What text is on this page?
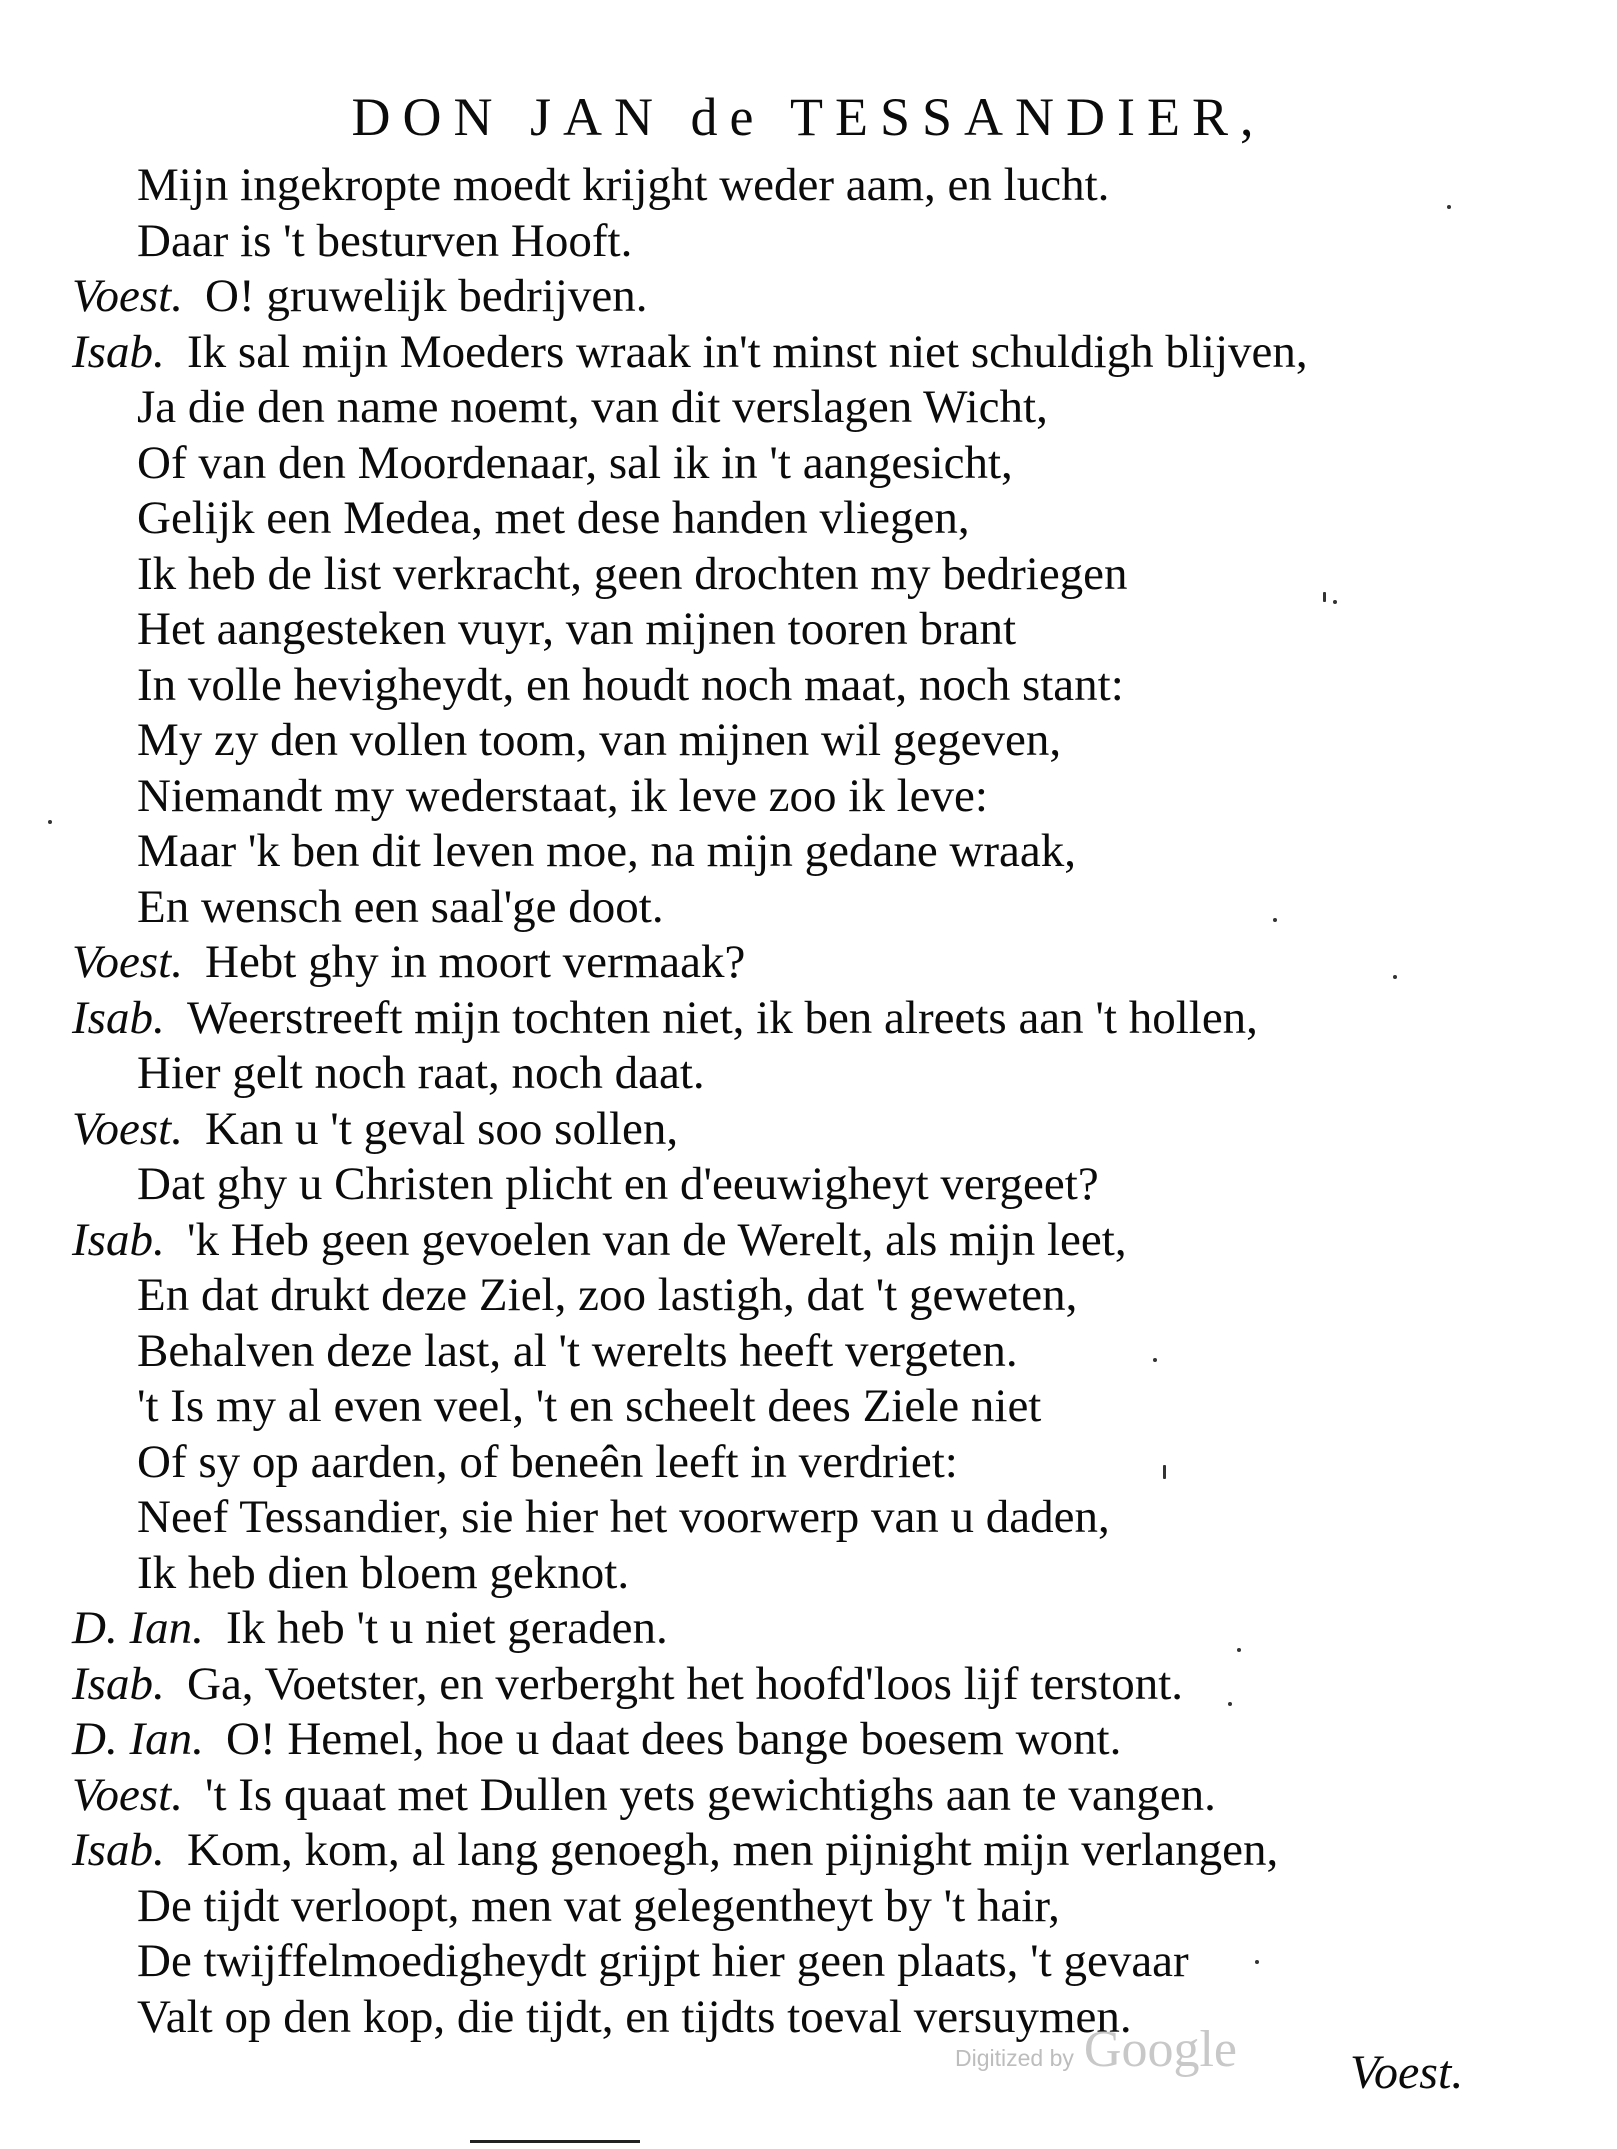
DON JAN de TESSANDIER,
Mijn ingekropte moedt krijght weder aam, en lucht.
Daar is 't besturven Hooft.
Voest. O! gruwelijk bedrijven.
Isab. Ik sal mijn Moeders wraak in't minst niet schuldigh blijven,
Ja die den name noemt, van dit verslagen Wicht,
Of van den Moordenaar, sal ik in 't aangesicht,
Gelijk een Medea, met dese handen vliegen,
Ik heb de list verkracht, geen drochten my bedriegen
Het aangesteken vuyr, van mijnen tooren brant
In volle hevigheydt, en houdt noch maat, noch stant:
My zy den vollen toom, van mijnen wil gegeven,
Niemandt my wederstaat, ik leve zoo ik leve:
Maar 'k ben dit leven moe, na mijn gedane wraak,
En wensch een saal'ge doot.
Voest. Hebt ghy in moort vermaak?
Isab. Weerstreeft mijn tochten niet, ik ben alreets aan 't hollen,
Hier gelt noch raat, noch daat.
Voest. Kan u 't geval soo sollen,
Dat ghy u Christen plicht en d'eeuwigheyt vergeet?
Isab. 'k Heb geen gevoelen van de Werelt, als mijn leet,
En dat drukt deze Ziel, zoo lastigh, dat 't geweten,
Behalven deze last, al 't werelts heeft vergeten.
't Is my al even veel, 't en scheelt dees Ziele niet
Of sy op aarden, of beneên leeft in verdriet:
Neef Tessandier, sie hier het voorwerp van u daden,
Ik heb dien bloem geknot.
D. Ian. Ik heb 't u niet geraden.
Isab. Ga, Voetster, en verberght het hoofd'loos lijf terstont.
D. Ian. O! Hemel, hoe u daat dees bange boesem wont.
Voest. 't Is quaat met Dullen yets gewichtighs aan te vangen.
Isab. Kom, kom, al lang genoegh, men pijnight mijn verlangen,
De tijdt verloopt, men vat gelegentheyt by 't hair,
De twijffelmoedigheydt grijpt hier geen plaats, 't gevaar
Valt op den kop, die tijdt, en tijdts toeval versuymen.
Digitized by Google Voest.
